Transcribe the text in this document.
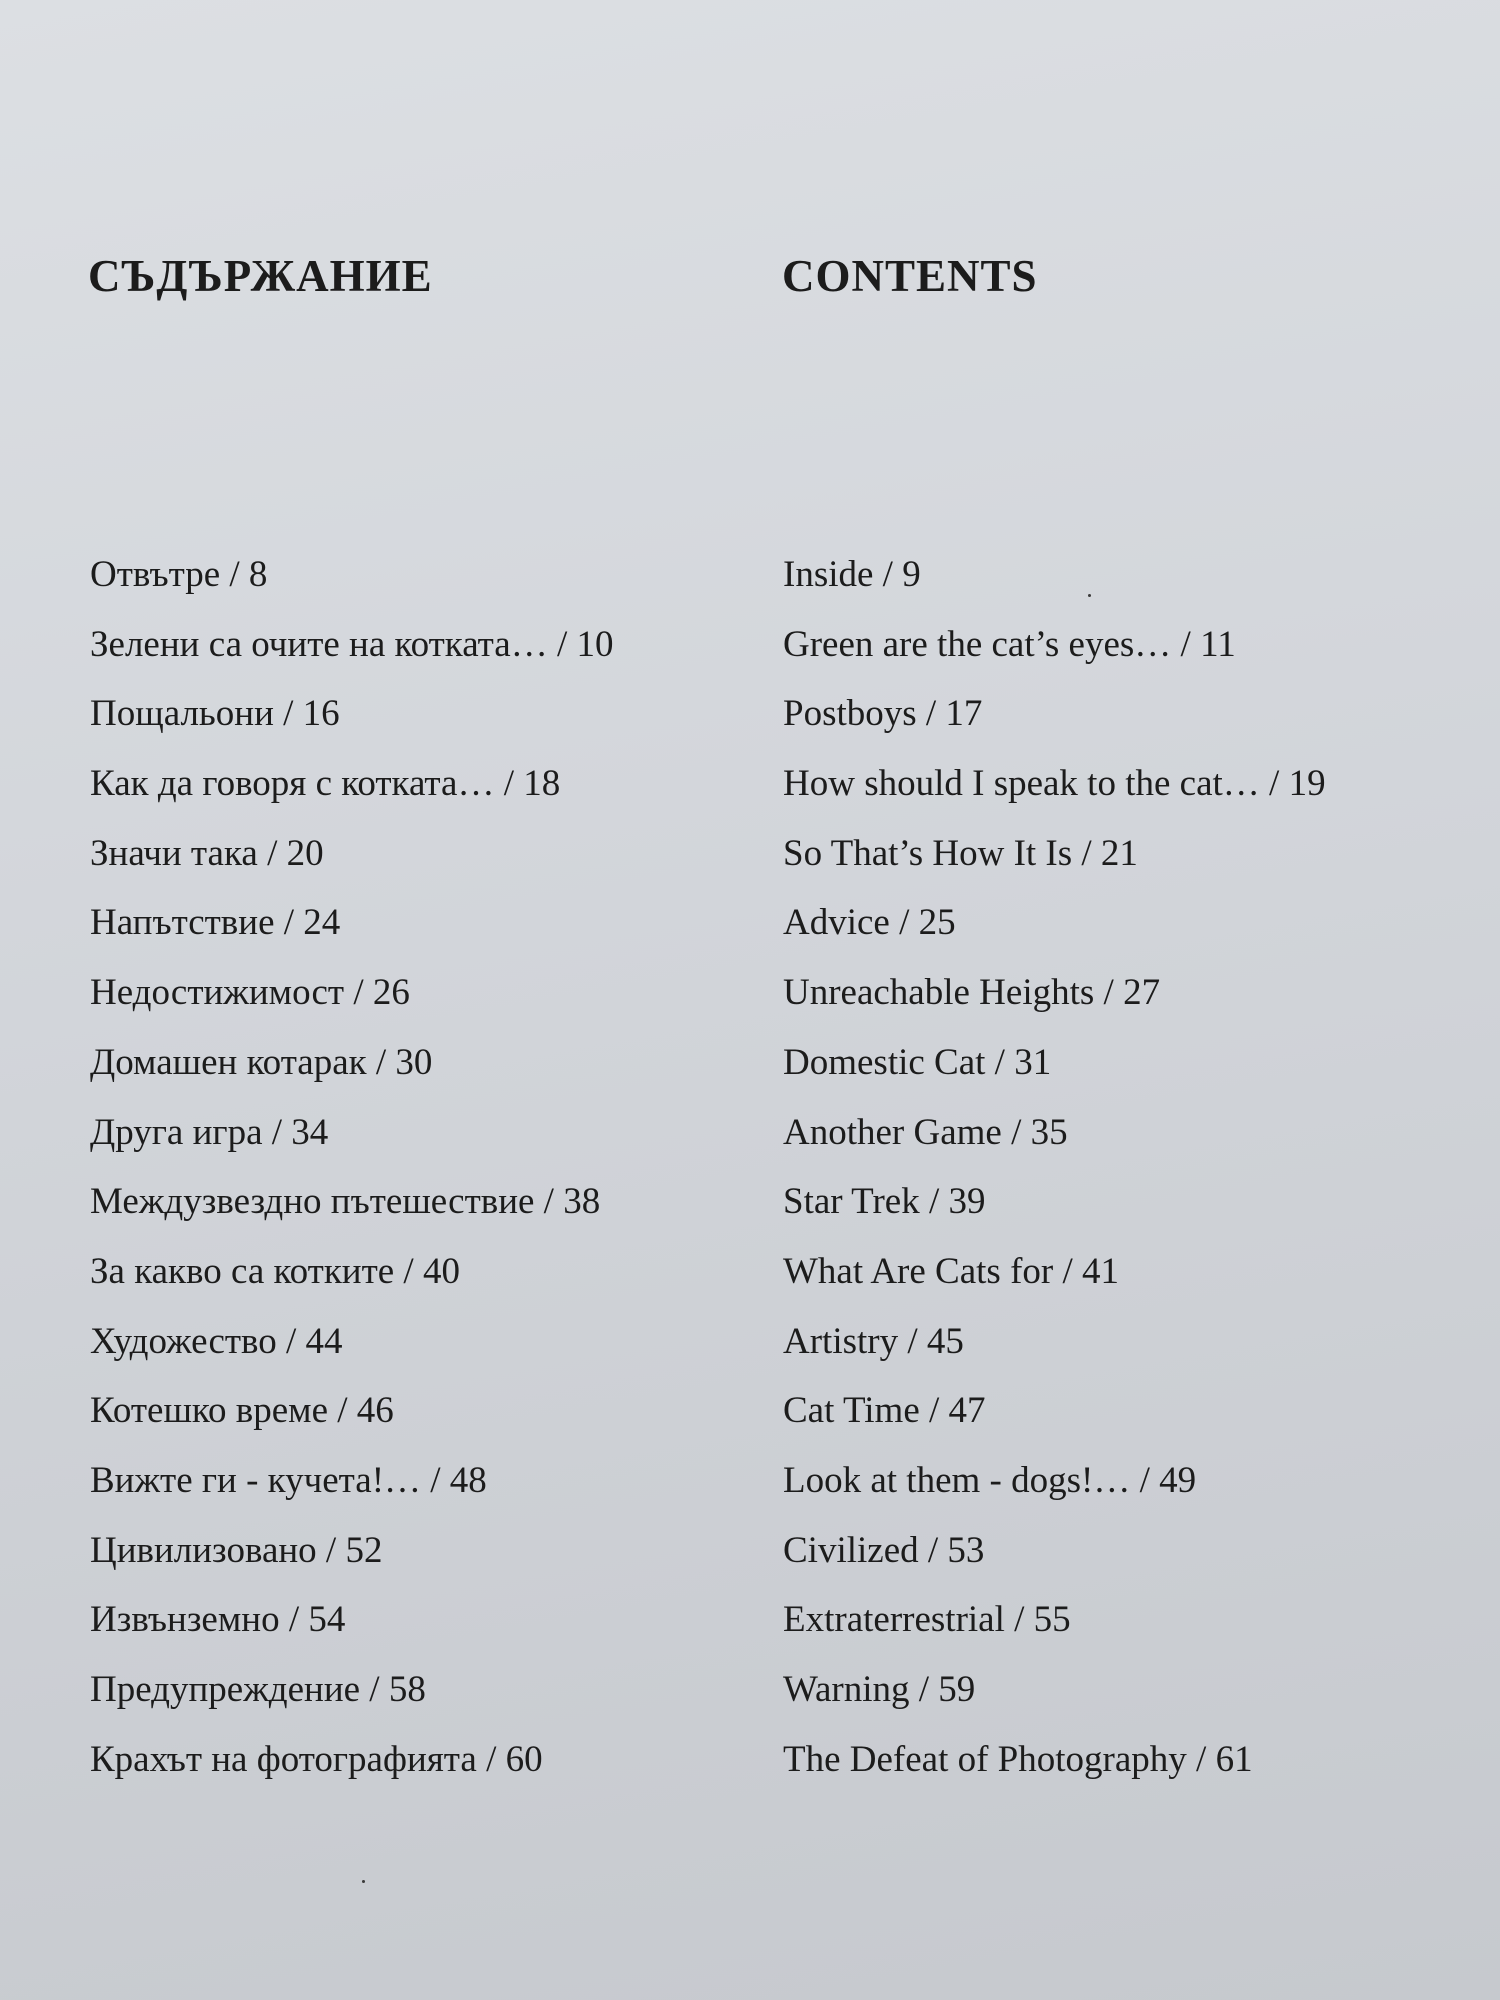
СЪДЪРЖАНИЕ	CONTENTS
Отвътре / 8
Зелени са очите на котката… / 10
Пощальони / 16
Как да говоря с котката… / 18
Значи така / 20
Напътствие / 24
Недостижимост / 26
Домашен котарак / 30
Друга игра / 34
Междузвездно пътешествие / 38
За какво са котките / 40
Художество / 44
Котешко време / 46
Вижте ги - кучета!… / 48
Цивилизовано / 52
Извънземно / 54
Предупреждение / 58
Крахът на фотографията / 60
Inside / 9
Green are the cat’s eyes… / 11
Postboys / 17
How should I speak to the cat… / 19
So That’s How It Is / 21
Advice / 25
Unreachable Heights / 27
Domestic Cat / 31
Another Game / 35
Star Trek / 39
What Are Cats for / 41
Artistry / 45
Cat Time / 47
Look at them - dogs!… / 49
Civilized / 53
Extraterrestrial / 55
Warning / 59
The Defeat of Photography / 61
